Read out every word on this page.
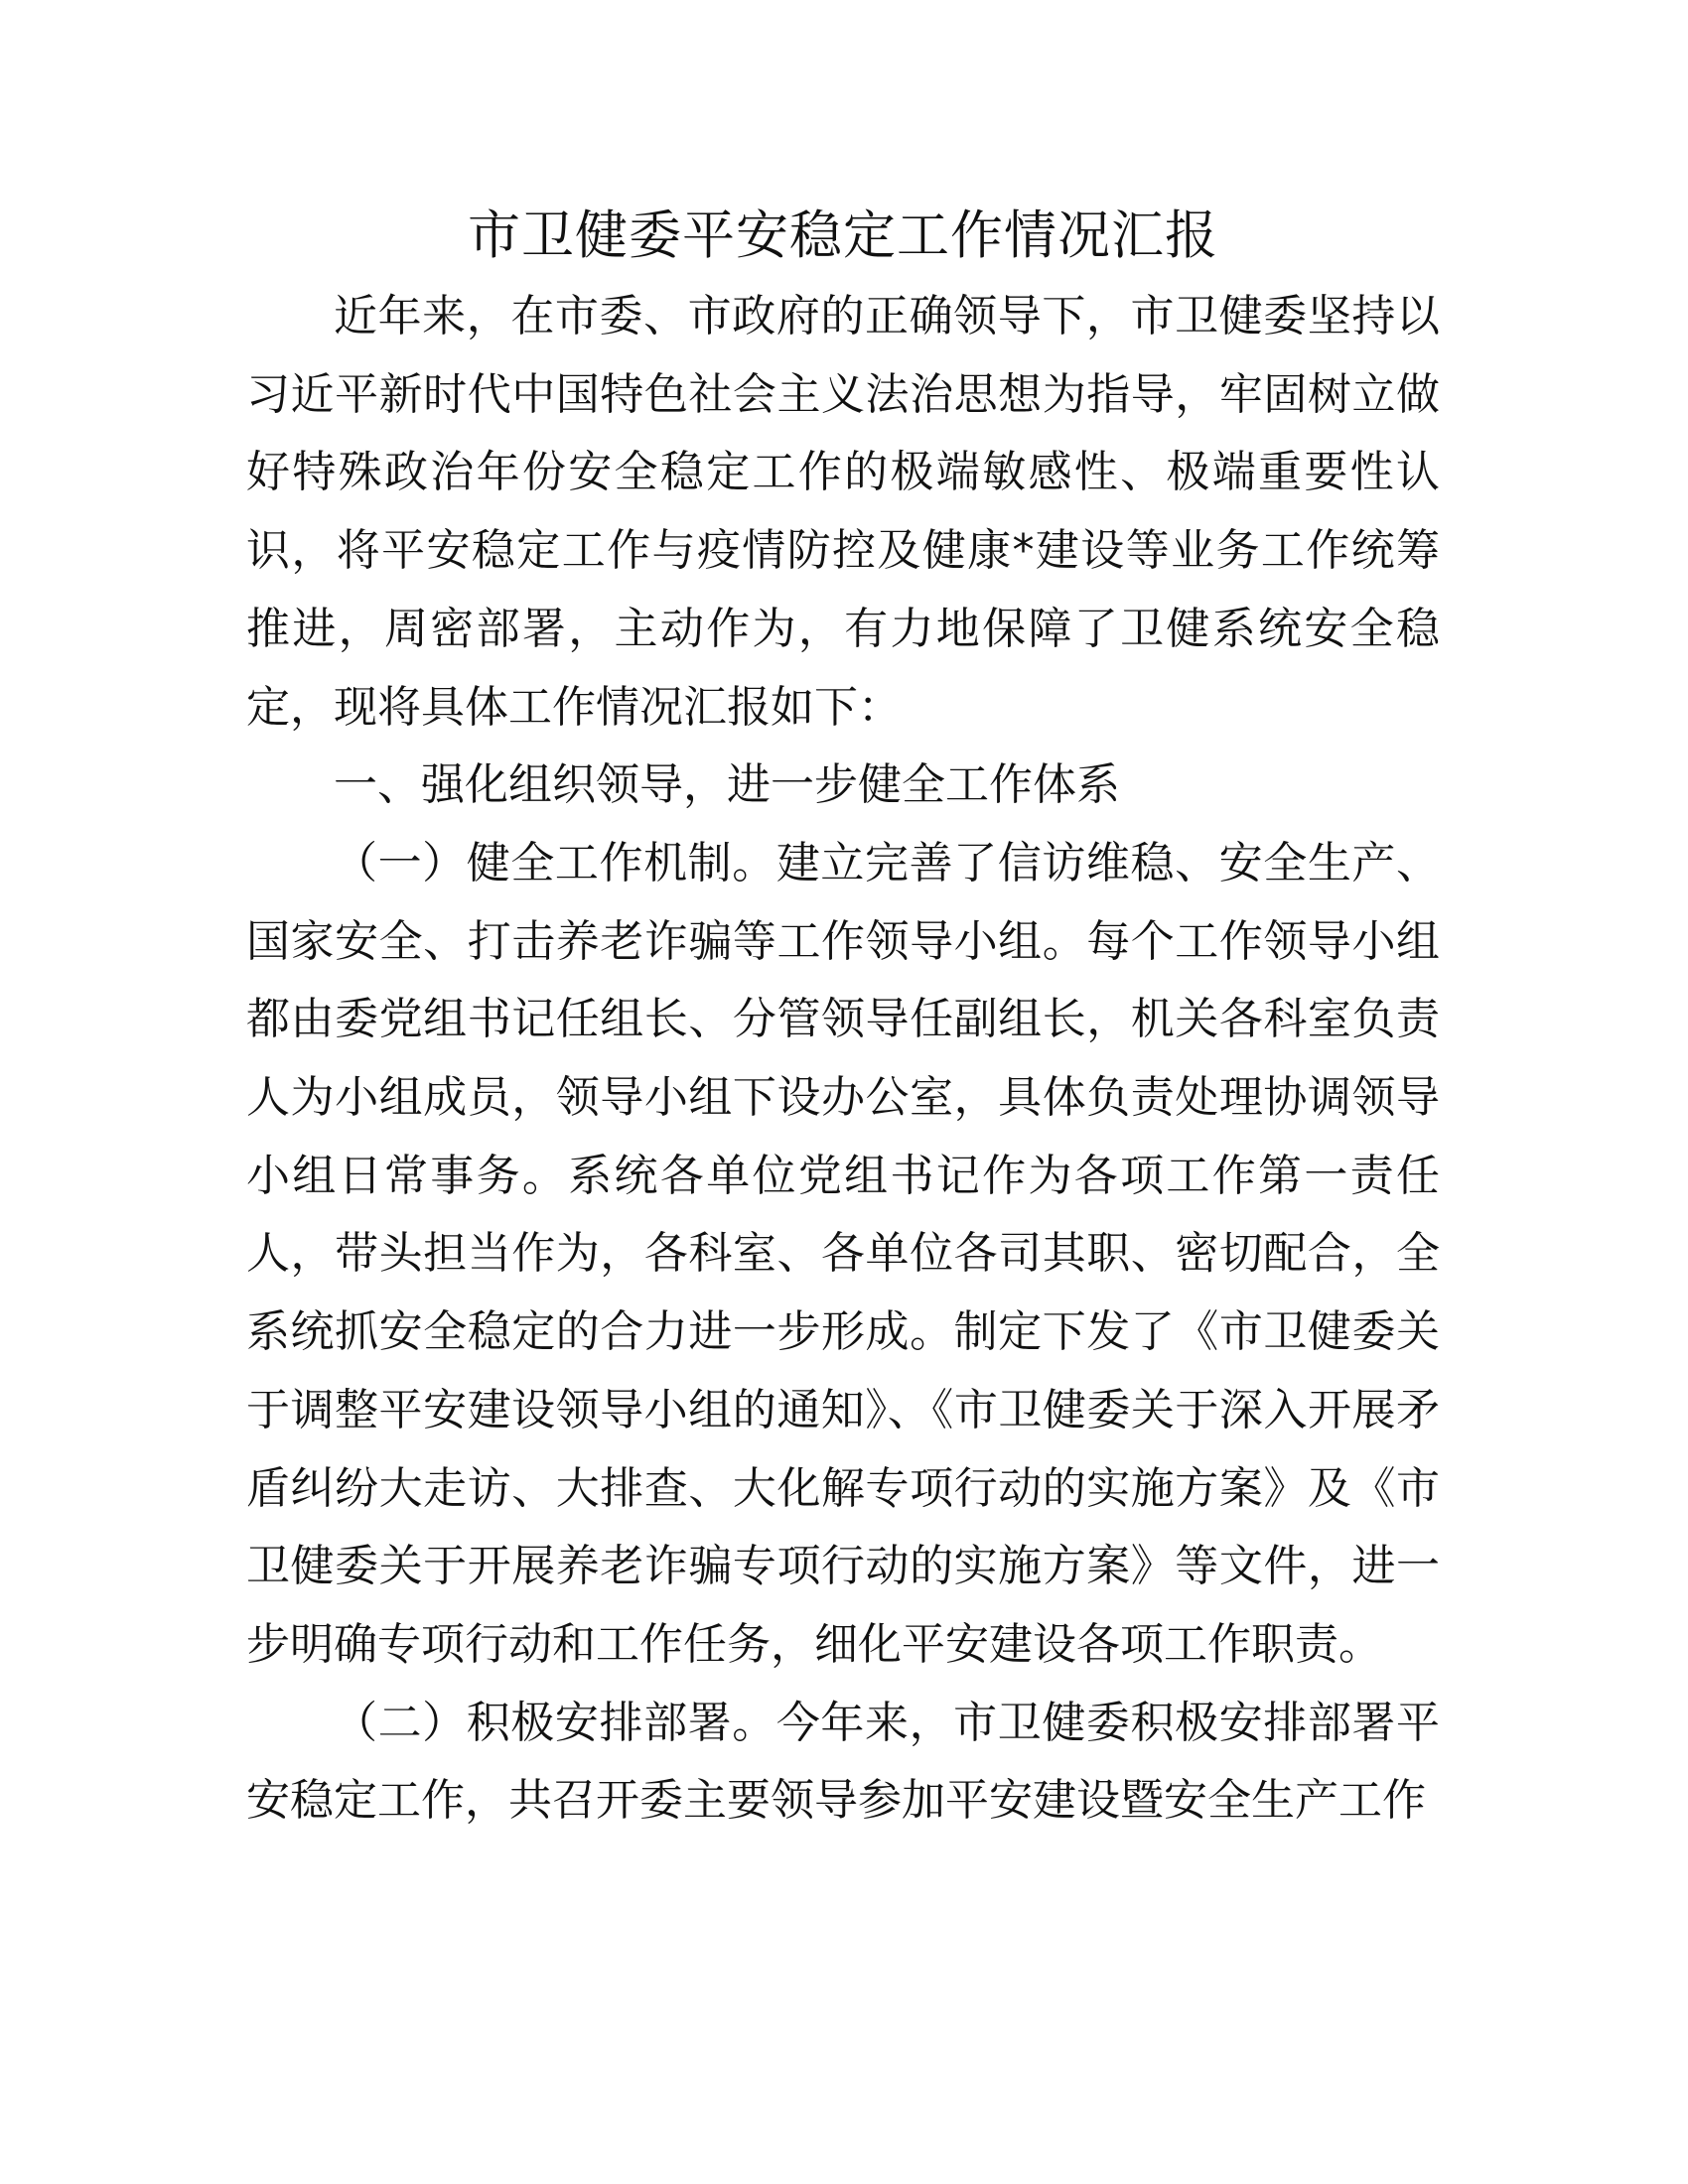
市卫健委平安稳定工作情况汇报

近年来，在市委、市政府的正确领导下，市卫健委坚持以习近平新时代中国特色社会主义法治思想为指导，牢固树立做好特殊政治年份安全稳定工作的极端敏感性、极端重要性认识，将平安稳定工作与疫情防控及健康*建设等业务工作统筹推进，周密部署，主动作为，有力地保障了卫健系统安全稳定，现将具体工作情况汇报如下：

一、强化组织领导，进一步健全工作体系

（一）健全工作机制。建立完善了信访维稳、安全生产、国家安全、打击养老诈骗等工作领导小组。每个工作领导小组都由委党组书记任组长、分管领导任副组长，机关各科室负责人为小组成员，领导小组下设办公室，具体负责处理协调领导小组日常事务。系统各单位党组书记作为各项工作第一责任人，带头担当作为，各科室、各单位各司其职、密切配合，全系统抓安全稳定的合力进一步形成。制定下发了《市卫健委关于调整平安建设领导小组的通知》、《市卫健委关于深入开展矛盾纠纷大走访、大排查、大化解专项行动的实施方案》及《市卫健委关于开展养老诈骗专项行动的实施方案》等文件，进一步明确专项行动和工作任务，细化平安建设各项工作职责。

（二）积极安排部署。今年来，市卫健委积极安排部署平安稳定工作，共召开委主要领导参加平安建设暨安全生产工作
